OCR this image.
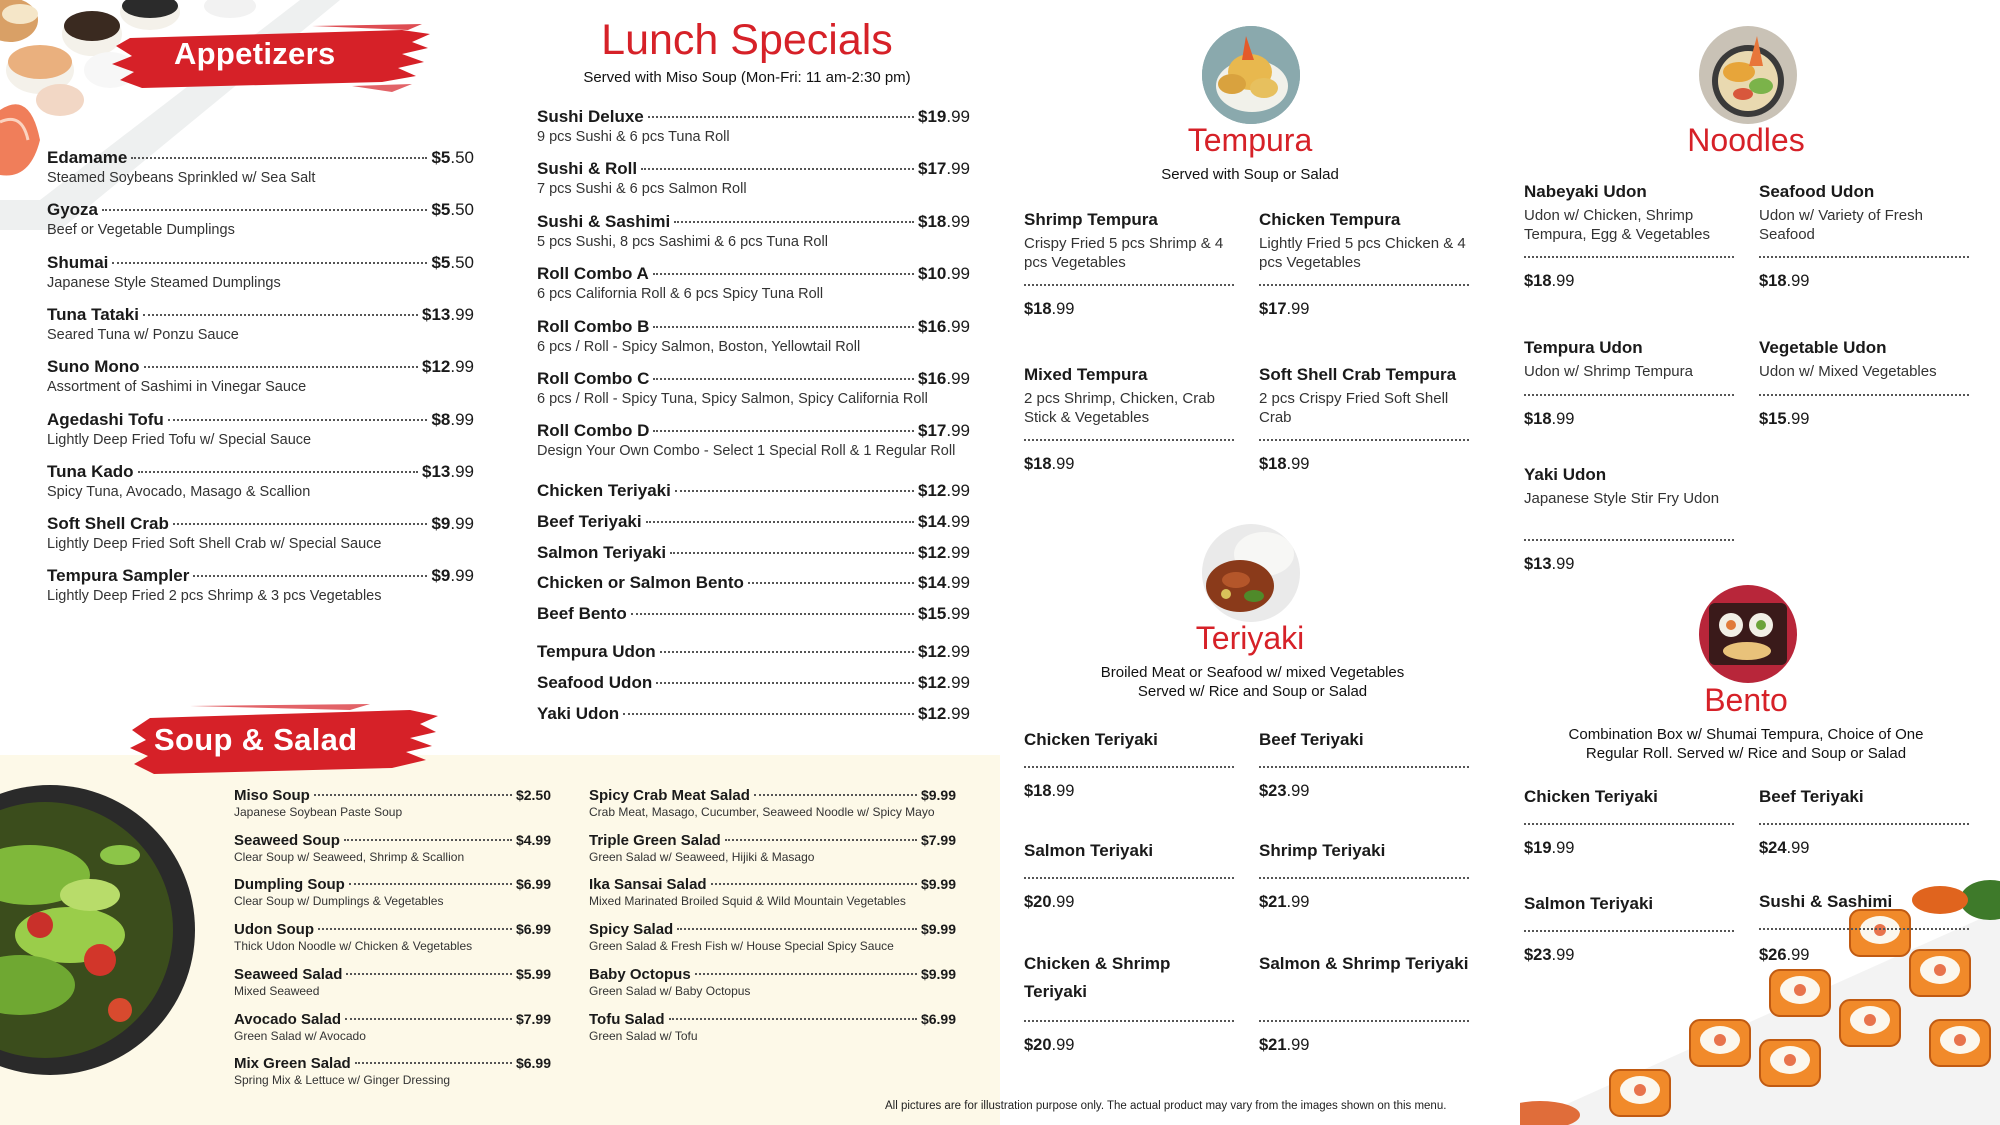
Appetizers
Soup & Salad
Edamame	$5.50
Steamed Soybeans Sprinkled w/ Sea Salt
Gyoza	$5.50
Beef or Vegetable Dumplings
Shumai	$5.50
Japanese Style Steamed Dumplings
Tuna Tataki	$13.99
Seared Tuna w/ Ponzu Sauce
Suno Mono	$12.99
Assortment of Sashimi in Vinegar Sauce
Agedashi Tofu	$8.99
Lightly Deep Fried Tofu w/ Special Sauce
Tuna Kado	$13.99
Spicy Tuna, Avocado, Masago & Scallion
Soft Shell Crab	$9.99
Lightly Deep Fried Soft Shell Crab w/ Special Sauce
Tempura Sampler	$9.99
Lightly Deep Fried 2 pcs Shrimp & 3 pcs Vegetables
Lunch Specials
Served with Miso Soup (Mon-Fri: 11 am-2:30 pm)
Sushi Deluxe	$19.99
9 pcs Sushi & 6 pcs Tuna Roll
Sushi & Roll	$17.99
7 pcs Sushi & 6 pcs Salmon Roll
Sushi & Sashimi	$18.99
5 pcs Sushi, 8 pcs Sashimi & 6 pcs Tuna Roll
Roll Combo A	$10.99
6 pcs California Roll & 6 pcs Spicy Tuna Roll
Roll Combo B	$16.99
6 pcs / Roll - Spicy Salmon, Boston, Yellowtail Roll
Roll Combo C	$16.99
6 pcs / Roll - Spicy Tuna, Spicy Salmon, Spicy California Roll
Roll Combo D	$17.99
Design Your Own Combo - Select 1 Special Roll & 1 Regular Roll
Chicken Teriyaki	$12.99
Beef Teriyaki	$14.99
Salmon Teriyaki	$12.99
Chicken or Salmon Bento	$14.99
Beef Bento	$15.99
Tempura Udon	$12.99
Seafood Udon	$12.99
Yaki Udon	$12.99
Miso Soup	$2.50
Japanese Soybean Paste Soup
Seaweed Soup	$4.99
Clear Soup w/ Seaweed, Shrimp & Scallion
Dumpling Soup	$6.99
Clear Soup w/ Dumplings & Vegetables
Udon Soup	$6.99
Thick Udon Noodle w/ Chicken & Vegetables
Seaweed Salad	$5.99
Mixed Seaweed
Avocado Salad	$7.99
Green Salad w/ Avocado
Mix Green Salad	$6.99
Spring Mix & Lettuce w/ Ginger Dressing
Spicy Crab Meat Salad	$9.99
Crab Meat, Masago, Cucumber, Seaweed Noodle w/ Spicy Mayo
Triple Green Salad	$7.99
Green Salad w/ Seaweed, Hijiki & Masago
Ika Sansai Salad	$9.99
Mixed Marinated Broiled Squid & Wild Mountain Vegetables
Spicy Salad	$9.99
Green Salad & Fresh Fish w/ House Special Spicy Sauce
Baby Octopus	$9.99
Green Salad w/ Baby Octopus
Tofu Salad	$6.99
Green Salad w/ Tofu
Tempura
Served with Soup or Salad
Shrimp Tempura
Crispy Fried 5 pcs Shrimp & 4 pcs Vegetables
$18.99
Chicken Tempura
Lightly Fried 5 pcs Chicken & 4 pcs Vegetables
$17.99
Mixed Tempura
2 pcs Shrimp, Chicken, Crab Stick & Vegetables
$18.99
Soft Shell Crab Tempura
2 pcs Crispy Fried Soft Shell Crab
$18.99
Teriyaki
Broiled Meat or Seafood w/ mixed Vegetables Served w/ Rice and Soup or Salad
Chicken Teriyaki
$18.99
Beef Teriyaki
$23.99
Salmon Teriyaki
$20.99
Shrimp Teriyaki
$21.99
Chicken & Shrimp Teriyaki
$20.99
Salmon & Shrimp Teriyaki
$21.99
Noodles
Nabeyaki Udon
Udon w/ Chicken, Shrimp Tempura, Egg & Vegetables
$18.99
Seafood Udon
Udon w/ Variety of Fresh Seafood
$18.99
Tempura Udon
Udon w/ Shrimp Tempura
$18.99
Vegetable Udon
Udon w/ Mixed Vegetables
$15.99
Yaki Udon
Japanese Style Stir Fry Udon
$13.99
Bento
Combination Box w/ Shumai Tempura, Choice of One Regular Roll. Served w/ Rice and Soup or Salad
Chicken Teriyaki
$19.99
Beef Teriyaki
$24.99
Salmon Teriyaki
$23.99
Sushi & Sashimi
$26.99
All pictures are for illustration purpose only. The actual product may vary from the images shown on this menu.
